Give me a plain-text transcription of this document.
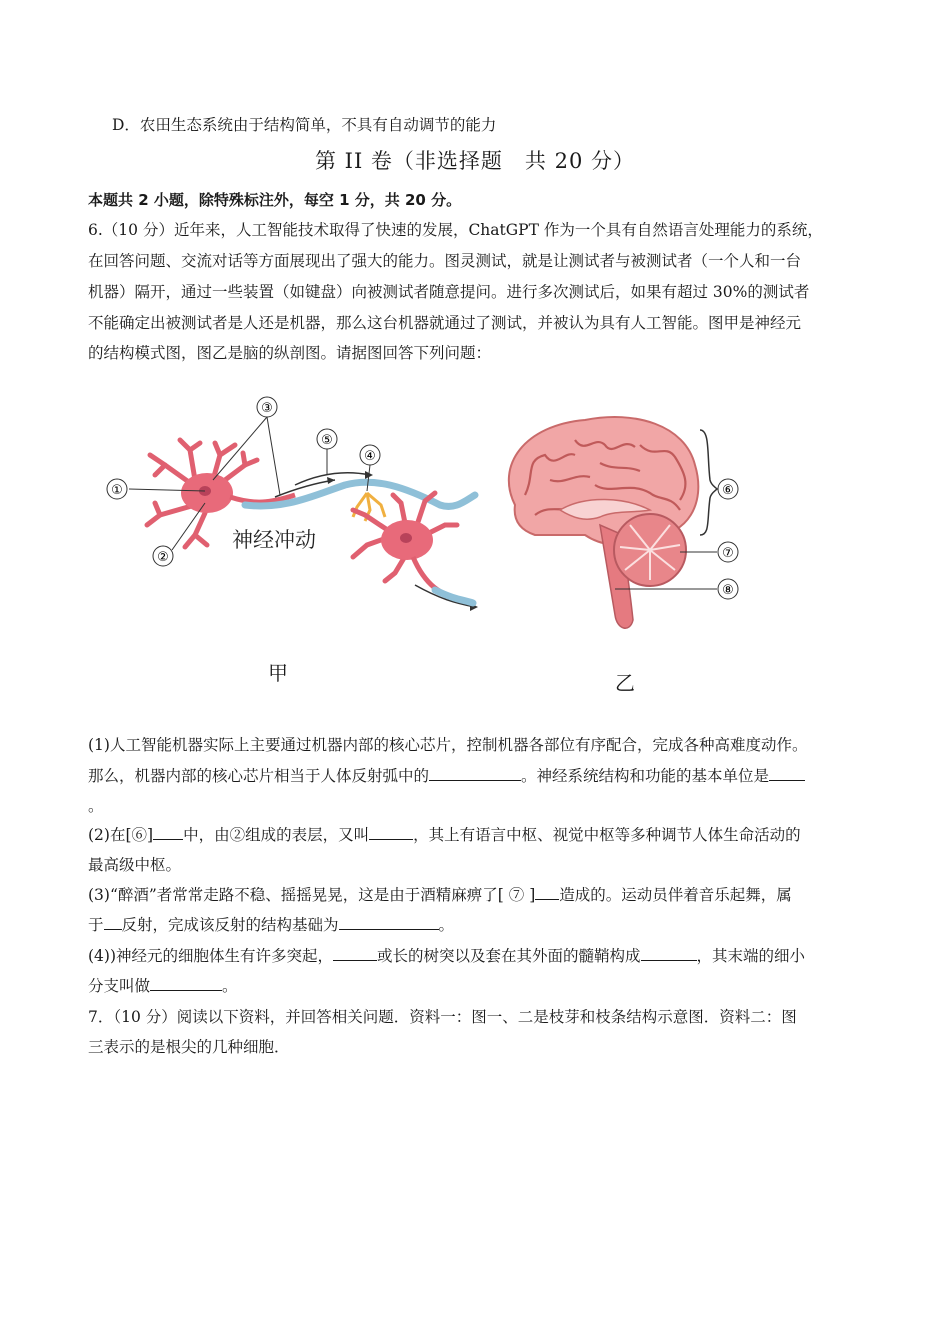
D．农田生态系统由于结构简单，不具有自动调节的能力
第 II 卷（非选择题　共 20 分）
本题共 2 小题，除特殊标注外，每空 1 分，共 20 分。
6.（10 分）近年来，人工智能技术取得了快速的发展，ChatGPT 作为一个具有自然语言处理能力的系统，
在回答问题、交流对话等方面展现出了强大的能力。图灵测试，就是让测试者与被测试者（一个人和一台
机器）隔开，通过一些装置（如键盘）向被测试者随意提问。进行多次测试后，如果有超过 30%的测试者
不能确定出被测试者是人还是机器，那么这台机器就通过了测试，并被认为具有人工智能。图甲是神经元
的结构模式图，图乙是脑的纵剖图。请据图回答下列问题：
①
②
③
④
⑤
神经冲动
⑥
⑦
⑧
甲	乙
(1)人工智能机器实际上主要通过机器内部的核心芯片，控制机器各部位有序配合，完成各种高难度动作。
那么，机器内部的核心芯片相当于人体反射弧中的	。神经系统结构和功能的基本单位是
。
(2)在[⑥] 中，由②组成的表层，又叫	，其上有语言中枢、视觉中枢等多种调节人体生命活动的
最高级中枢。
(3)“醉酒”者常常走路不稳、摇摇晃晃，这是由于酒精麻痹了[ ⑦ ] 造成的。运动员伴着音乐起舞，属
于 反射，完成该反射的结构基础为	。
(4))神经元的细胞体生有许多突起，	或长的树突以及套在其外面的髓鞘构成	，其末端的细小
分支叫做	。
7．（10 分）阅读以下资料，并回答相关问题．资料一：图一、二是枝芽和枝条结构示意图．资料二：图
三表示的是根尖的几种细胞．
